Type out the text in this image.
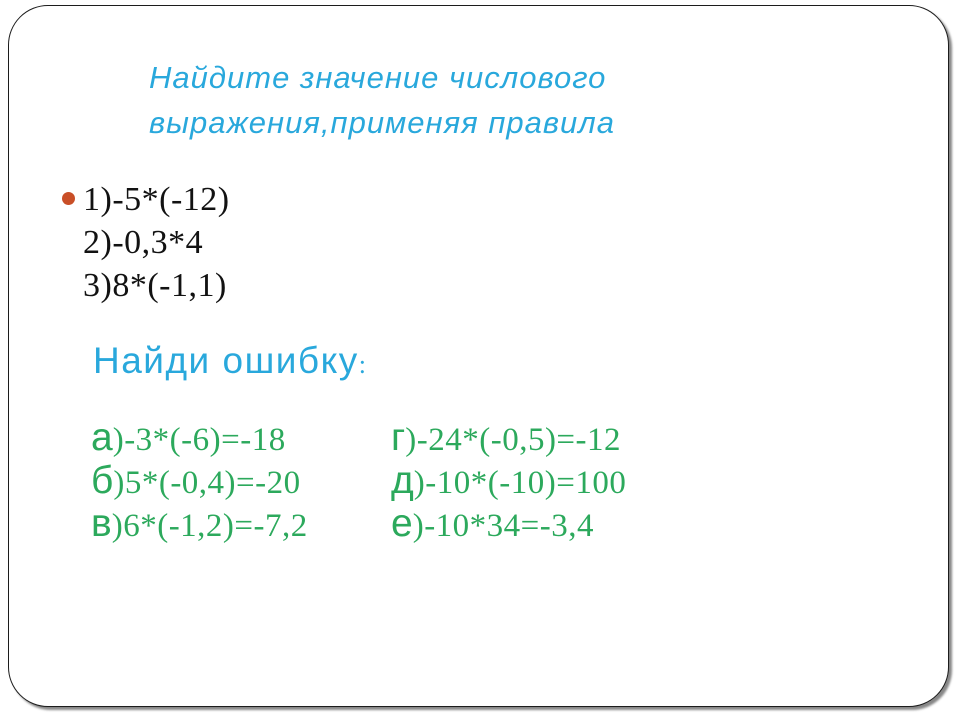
Найдите значение числового
выражения,применяя правила
1)-5*(-12)
2)-0,3*4
3)8*(-1,1)
Найди ошибку:
а)-3*(-6)=-18
б)5*(-0,4)=-20
в)6*(-1,2)=-7,2
г)-24*(-0,5)=-12
д)-10*(-10)=100
е)-10*34=-3,4
